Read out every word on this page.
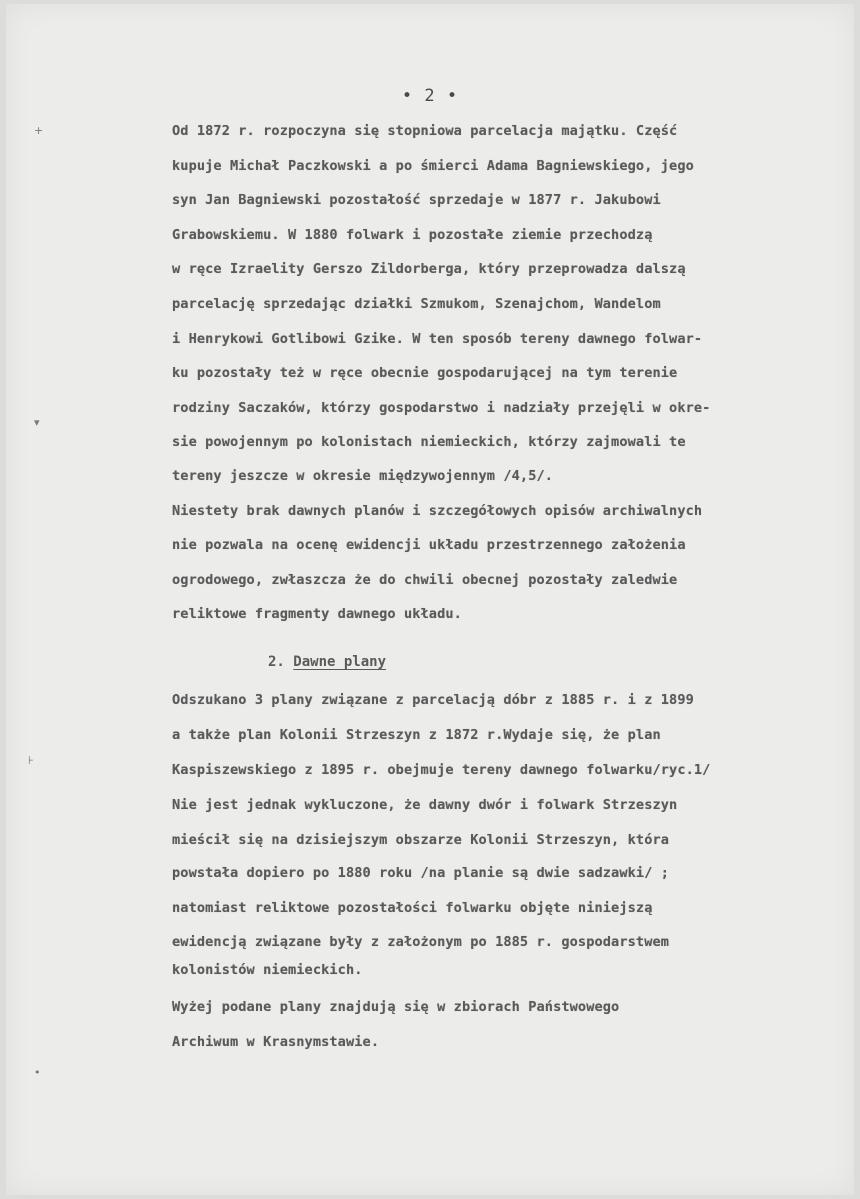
+
▾
⊦
•
• 2 •
Od 1872 r. rozpoczyna się stopniowa parcelacja majątku. Część
kupuje Michał Paczkowski a po śmierci Adama Bagniewskiego, jego
syn Jan Bagniewski pozostałość sprzedaje w 1877 r. Jakubowi
Grabowskiemu. W 1880 folwark i pozostałe ziemie przechodzą
w ręce Izraelity Gerszo Zildorberga, który przeprowadza dalszą
parcelację sprzedając działki Szmukom, Szenajchom, Wandelom
i Henrykowi Gotlibowi Gzike. W ten sposób tereny dawnego folwar-
ku pozostały też w ręce obecnie gospodarującej na tym terenie
rodziny Saczaków, którzy gospodarstwo i nadziały przejęli w okre-
sie powojennym po kolonistach niemieckich, którzy zajmowali te
tereny jeszcze w okresie międzywojennym /4,5/.
Niestety brak dawnych planów i szczegółowych opisów archiwalnych
nie pozwala na ocenę ewidencji układu przestrzennego założenia
ogrodowego, zwłaszcza że do chwili obecnej pozostały zaledwie
reliktowe fragmenty dawnego układu.
2. Dawne plany
Odszukano 3 plany związane z parcelacją dóbr z 1885 r. i z 1899
a także plan Kolonii Strzeszyn z 1872 r.Wydaje się, że plan
Kaspiszewskiego z 1895 r. obejmuje tereny dawnego folwarku/ryc.1/
Nie jest jednak wykluczone, że dawny dwór i folwark Strzeszyn
mieścił się na dzisiejszym obszarze Kolonii Strzeszyn, która
powstała dopiero po 1880 roku /na planie są dwie sadzawki/ ;
natomiast reliktowe pozostałości folwarku objęte niniejszą
ewidencją związane były z założonym po 1885 r. gospodarstwem
kolonistów niemieckich.
Wyżej podane plany znajdują się w zbiorach Państwowego
Archiwum w Krasnymstawie.
